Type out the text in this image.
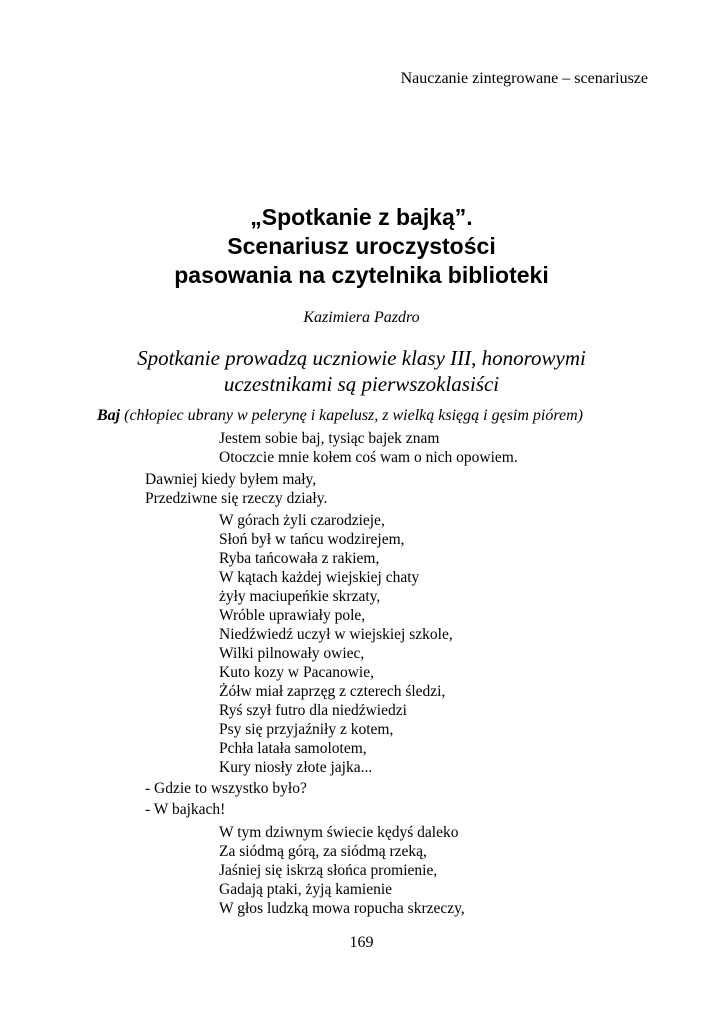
Nauczanie zintegrowane – scenariusze
„Spotkanie z bajką”.
Scenariusz uroczystości
pasowania na czytelnika biblioteki
Kazimiera Pazdro
Spotkanie prowadzą uczniowie klasy III, honorowymi
uczestnikami są pierwszoklasiści
Baj (chłopiec ubrany w pelerynę i kapelusz, z wielką księgą i gęsim piórem)
Jestem sobie baj, tysiąc bajek znam
Otoczcie mnie kołem coś wam o nich opowiem.
Dawniej kiedy byłem mały,
Przedziwne się rzeczy działy.
W górach żyli czarodzieje,
Słoń był w tańcu wodzirejem,
Ryba tańcowała z rakiem,
W kątach każdej wiejskiej chaty
żyły maciupeńkie skrzaty,
Wróble uprawiały pole,
Niedźwiedź uczył w wiejskiej szkole,
Wilki pilnowały owiec,
Kuto kozy w Pacanowie,
Żółw miał zaprzęg z czterech śledzi,
Ryś szył futro dla niedźwiedzi
Psy się przyjaźniły z kotem,
Pchła latała samolotem,
Kury niosły złote jajka...
- Gdzie to wszystko było?
- W bajkach!
W tym dziwnym świecie kędyś daleko
Za siódmą górą, za siódmą rzeką,
Jaśniej się iskrzą słońca promienie,
Gadają ptaki, żyją kamienie
W głos ludzką mowa ropucha skrzeczy,
169
